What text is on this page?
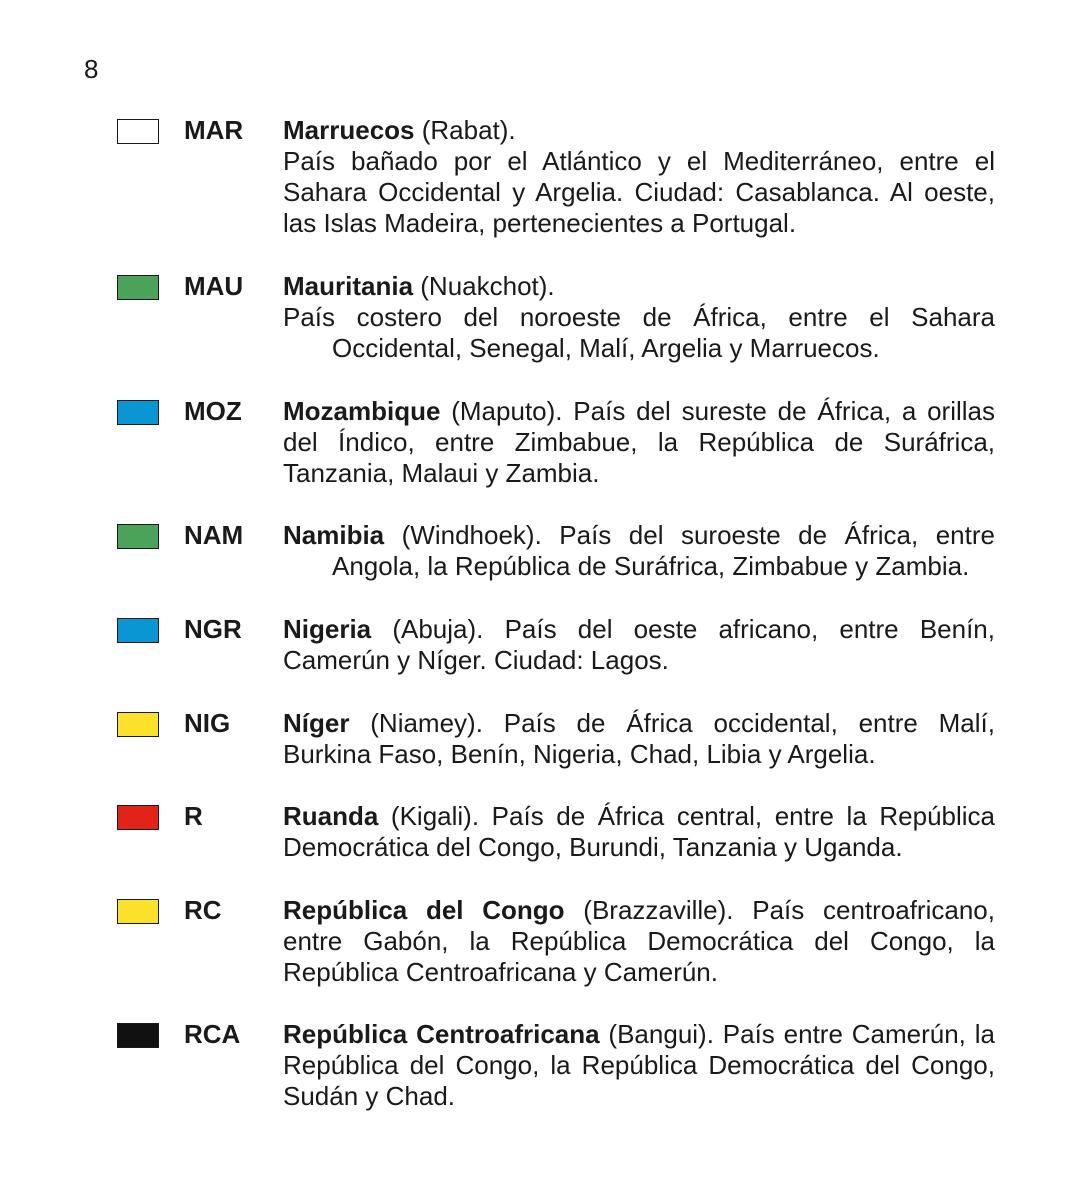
8
MAR Marruecos (Rabat).
País bañado por el Atlántico y el Mediterráneo, entre el Sahara Occidental y Argelia. Ciudad: Casablanca. Al oeste, las Islas Madeira, pertenecientes a Portugal.
MAU Mauritania (Nuakchot).

País costero del noroeste de África, entre el Sahara
Occidental, Senegal, Malí, Argelia y Marruecos.
MOZ Mozambique (Maputo). País del sureste de África, a orillas del Índico, entre Zimbabue, la República de Suráfrica, Tanzania, Malaui y Zambia.
NAM Namibia (Windhoek). País del suroeste de África, entre
Angola, la República de Suráfrica, Zimbabue y Zambia.
NGR Nigeria (Abuja). País del oeste africano, entre Benín, Camerún y Níger. Ciudad: Lagos.
NIG Níger (Niamey). País de África occidental, entre Malí, Burkina Faso, Benín, Nigeria, Chad, Libia y Argelia.
R	Ruanda (Kigali). País de África central, entre la República Democrática del Congo, Burundi, Tanzania y Uganda.
RC República del Congo (Brazzaville). País centroafricano, entre Gabón, la República Democrática del Congo, la República Centroafricana y Camerún.
RCA República Centroafricana (Bangui). País entre Camerún, la República del Congo, la República Democrática del Congo, Sudán y Chad.
